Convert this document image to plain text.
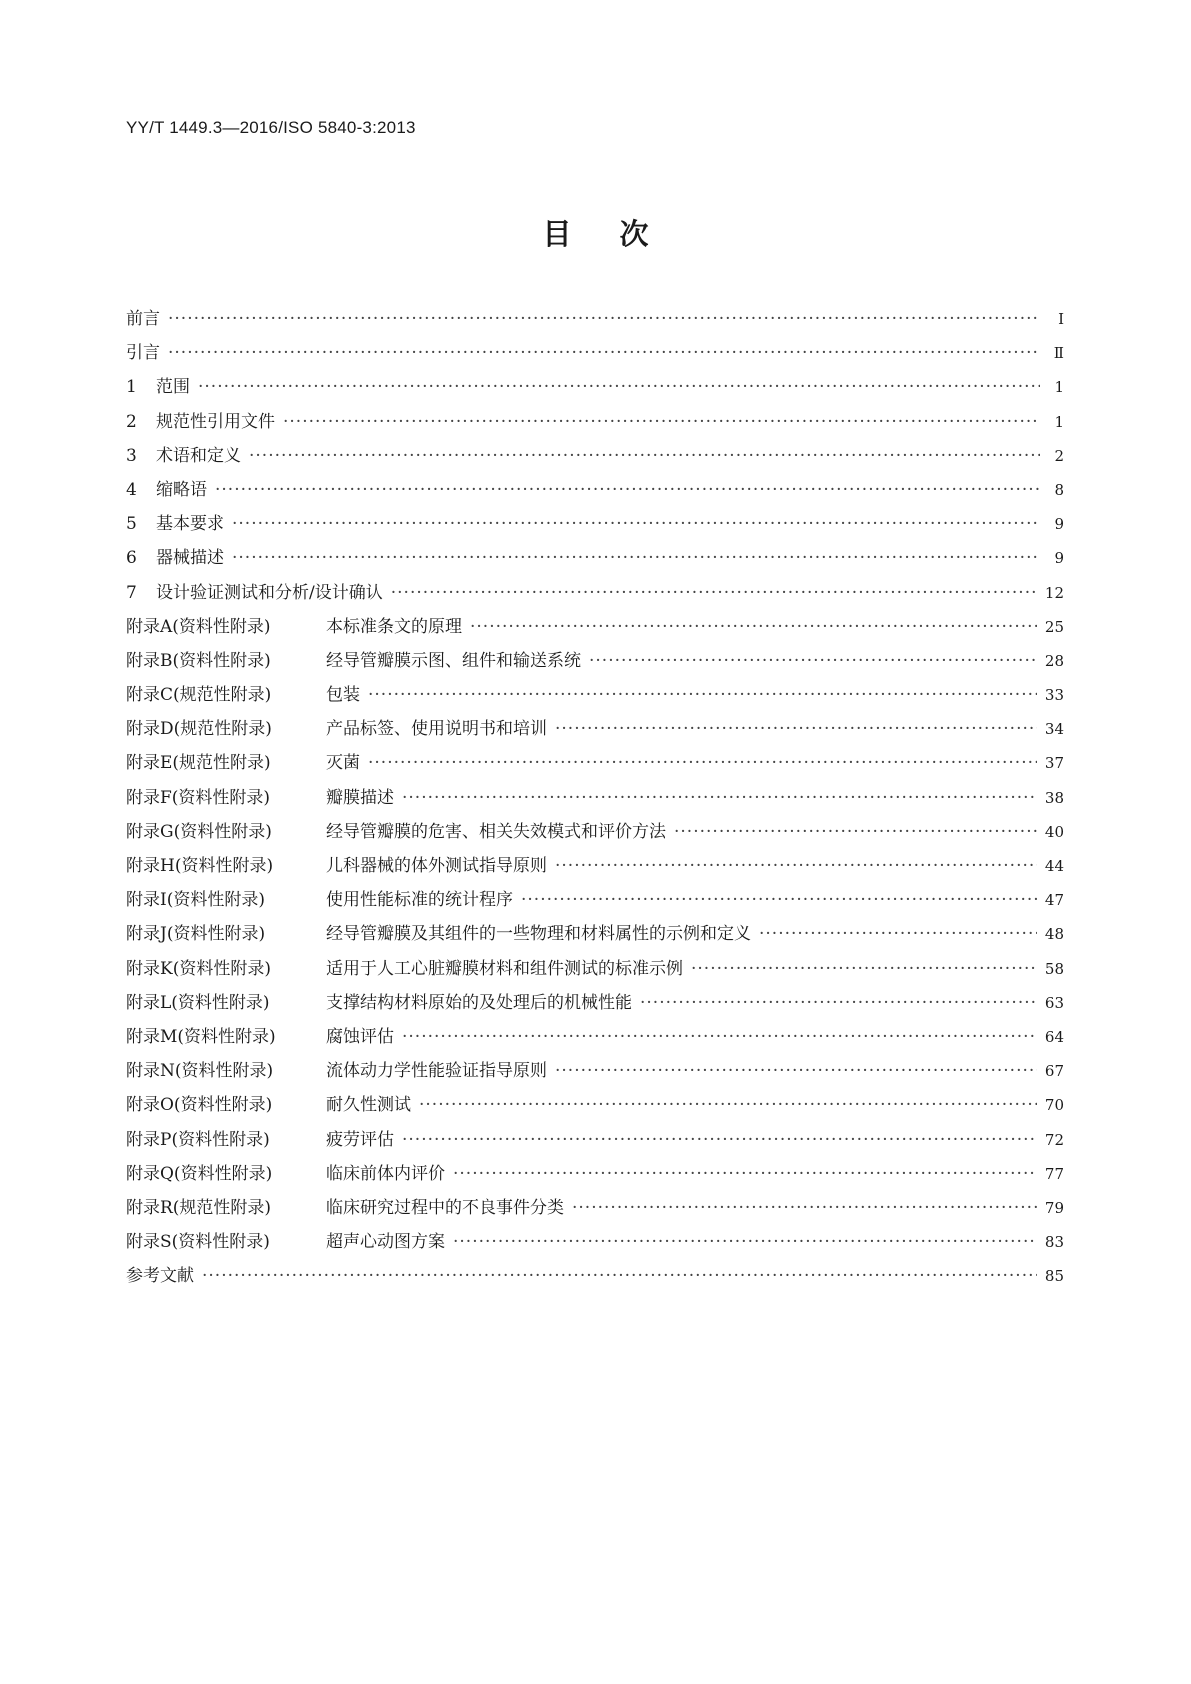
YY/T 1449.3—2016/ISO 5840-3:2013
目次
前言 ·····	Ⅰ
引言 ·····	Ⅱ
1 范围 ·····	1
2 规范性引用文件 ·····	1
3 术语和定义 ·····	2
4 缩略语 ·····	8
5 基本要求 ·····	9
6 器械描述 ·····	9
7 设计验证测试和分析/设计确认 ·····	12
附录A(资料性附录)	本标准条文的原理 ·····	25
附录B(资料性附录)	经导管瓣膜示图、组件和输送系统 ·····	28
附录C(规范性附录)	包装 ·····	33
附录D(规范性附录)	产品标签、使用说明书和培训 ·····	34
附录E(规范性附录)	灭菌 ·····	37
附录F(资料性附录)	瓣膜描述 ·····	38
附录G(资料性附录)	经导管瓣膜的危害、相关失效模式和评价方法 ·····	40
附录H(资料性附录)	儿科器械的体外测试指导原则 ·····	44
附录I(资料性附录)	使用性能标准的统计程序 ·····	47
附录J(资料性附录)	经导管瓣膜及其组件的一些物理和材料属性的示例和定义 ·····	48
附录K(资料性附录)	适用于人工心脏瓣膜材料和组件测试的标准示例 ·····	58
附录L(资料性附录)	支撑结构材料原始的及处理后的机械性能 ·····	63
附录M(资料性附录)	腐蚀评估 ·····	64
附录N(资料性附录)	流体动力学性能验证指导原则 ·····	67
附录O(资料性附录)	耐久性测试 ·····	70
附录P(资料性附录)	疲劳评估 ·····	72
附录Q(资料性附录)	临床前体内评价 ·····	77
附录R(规范性附录)	临床研究过程中的不良事件分类 ·····	79
附录S(资料性附录)	超声心动图方案 ·····	83
参考文献 ·····	85
